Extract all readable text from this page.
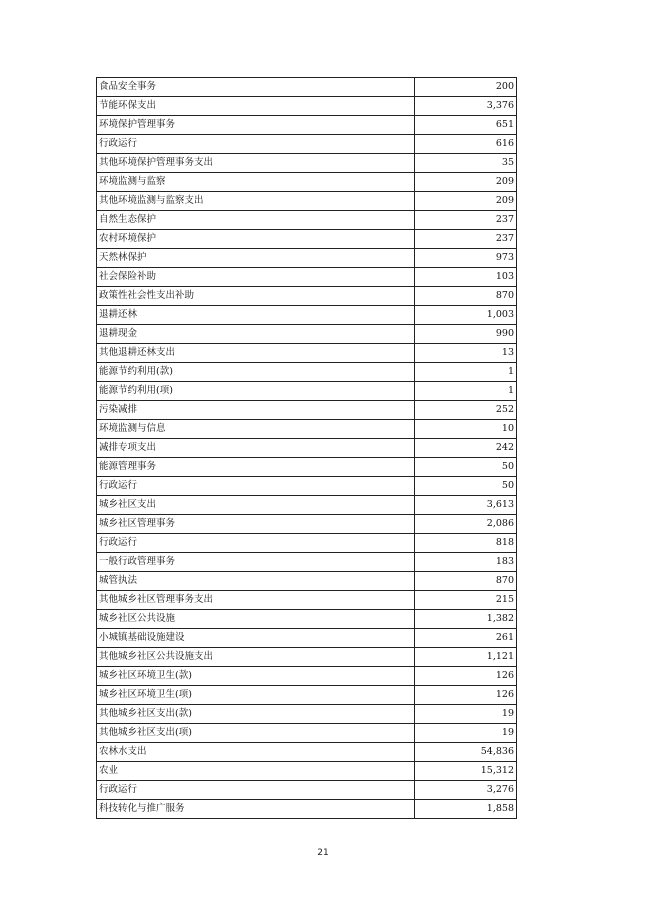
食品安全事务	200
节能环保支出	3,376
环境保护管理事务	651
行政运行	616
其他环境保护管理事务支出	35
环境监测与监察	209
其他环境监测与监察支出	209
自然生态保护	237
农村环境保护	237
天然林保护	973
社会保险补助	103
政策性社会性支出补助	870
退耕还林	1,003
退耕现金	990
其他退耕还林支出	13
能源节约利用(款)	1
能源节约利用(项)	1
污染减排	252
环境监测与信息	10
减排专项支出	242
能源管理事务	50
行政运行	50
城乡社区支出	3,613
城乡社区管理事务	2,086
行政运行	818
一般行政管理事务	183
城管执法	870
其他城乡社区管理事务支出	215
城乡社区公共设施	1,382
小城镇基础设施建设	261
其他城乡社区公共设施支出	1,121
城乡社区环境卫生(款)	126
城乡社区环境卫生(项)	126
其他城乡社区支出(款)	19
其他城乡社区支出(项)	19
农林水支出	54,836
农业	15,312
行政运行	3,276
科技转化与推广服务	1,858
21
